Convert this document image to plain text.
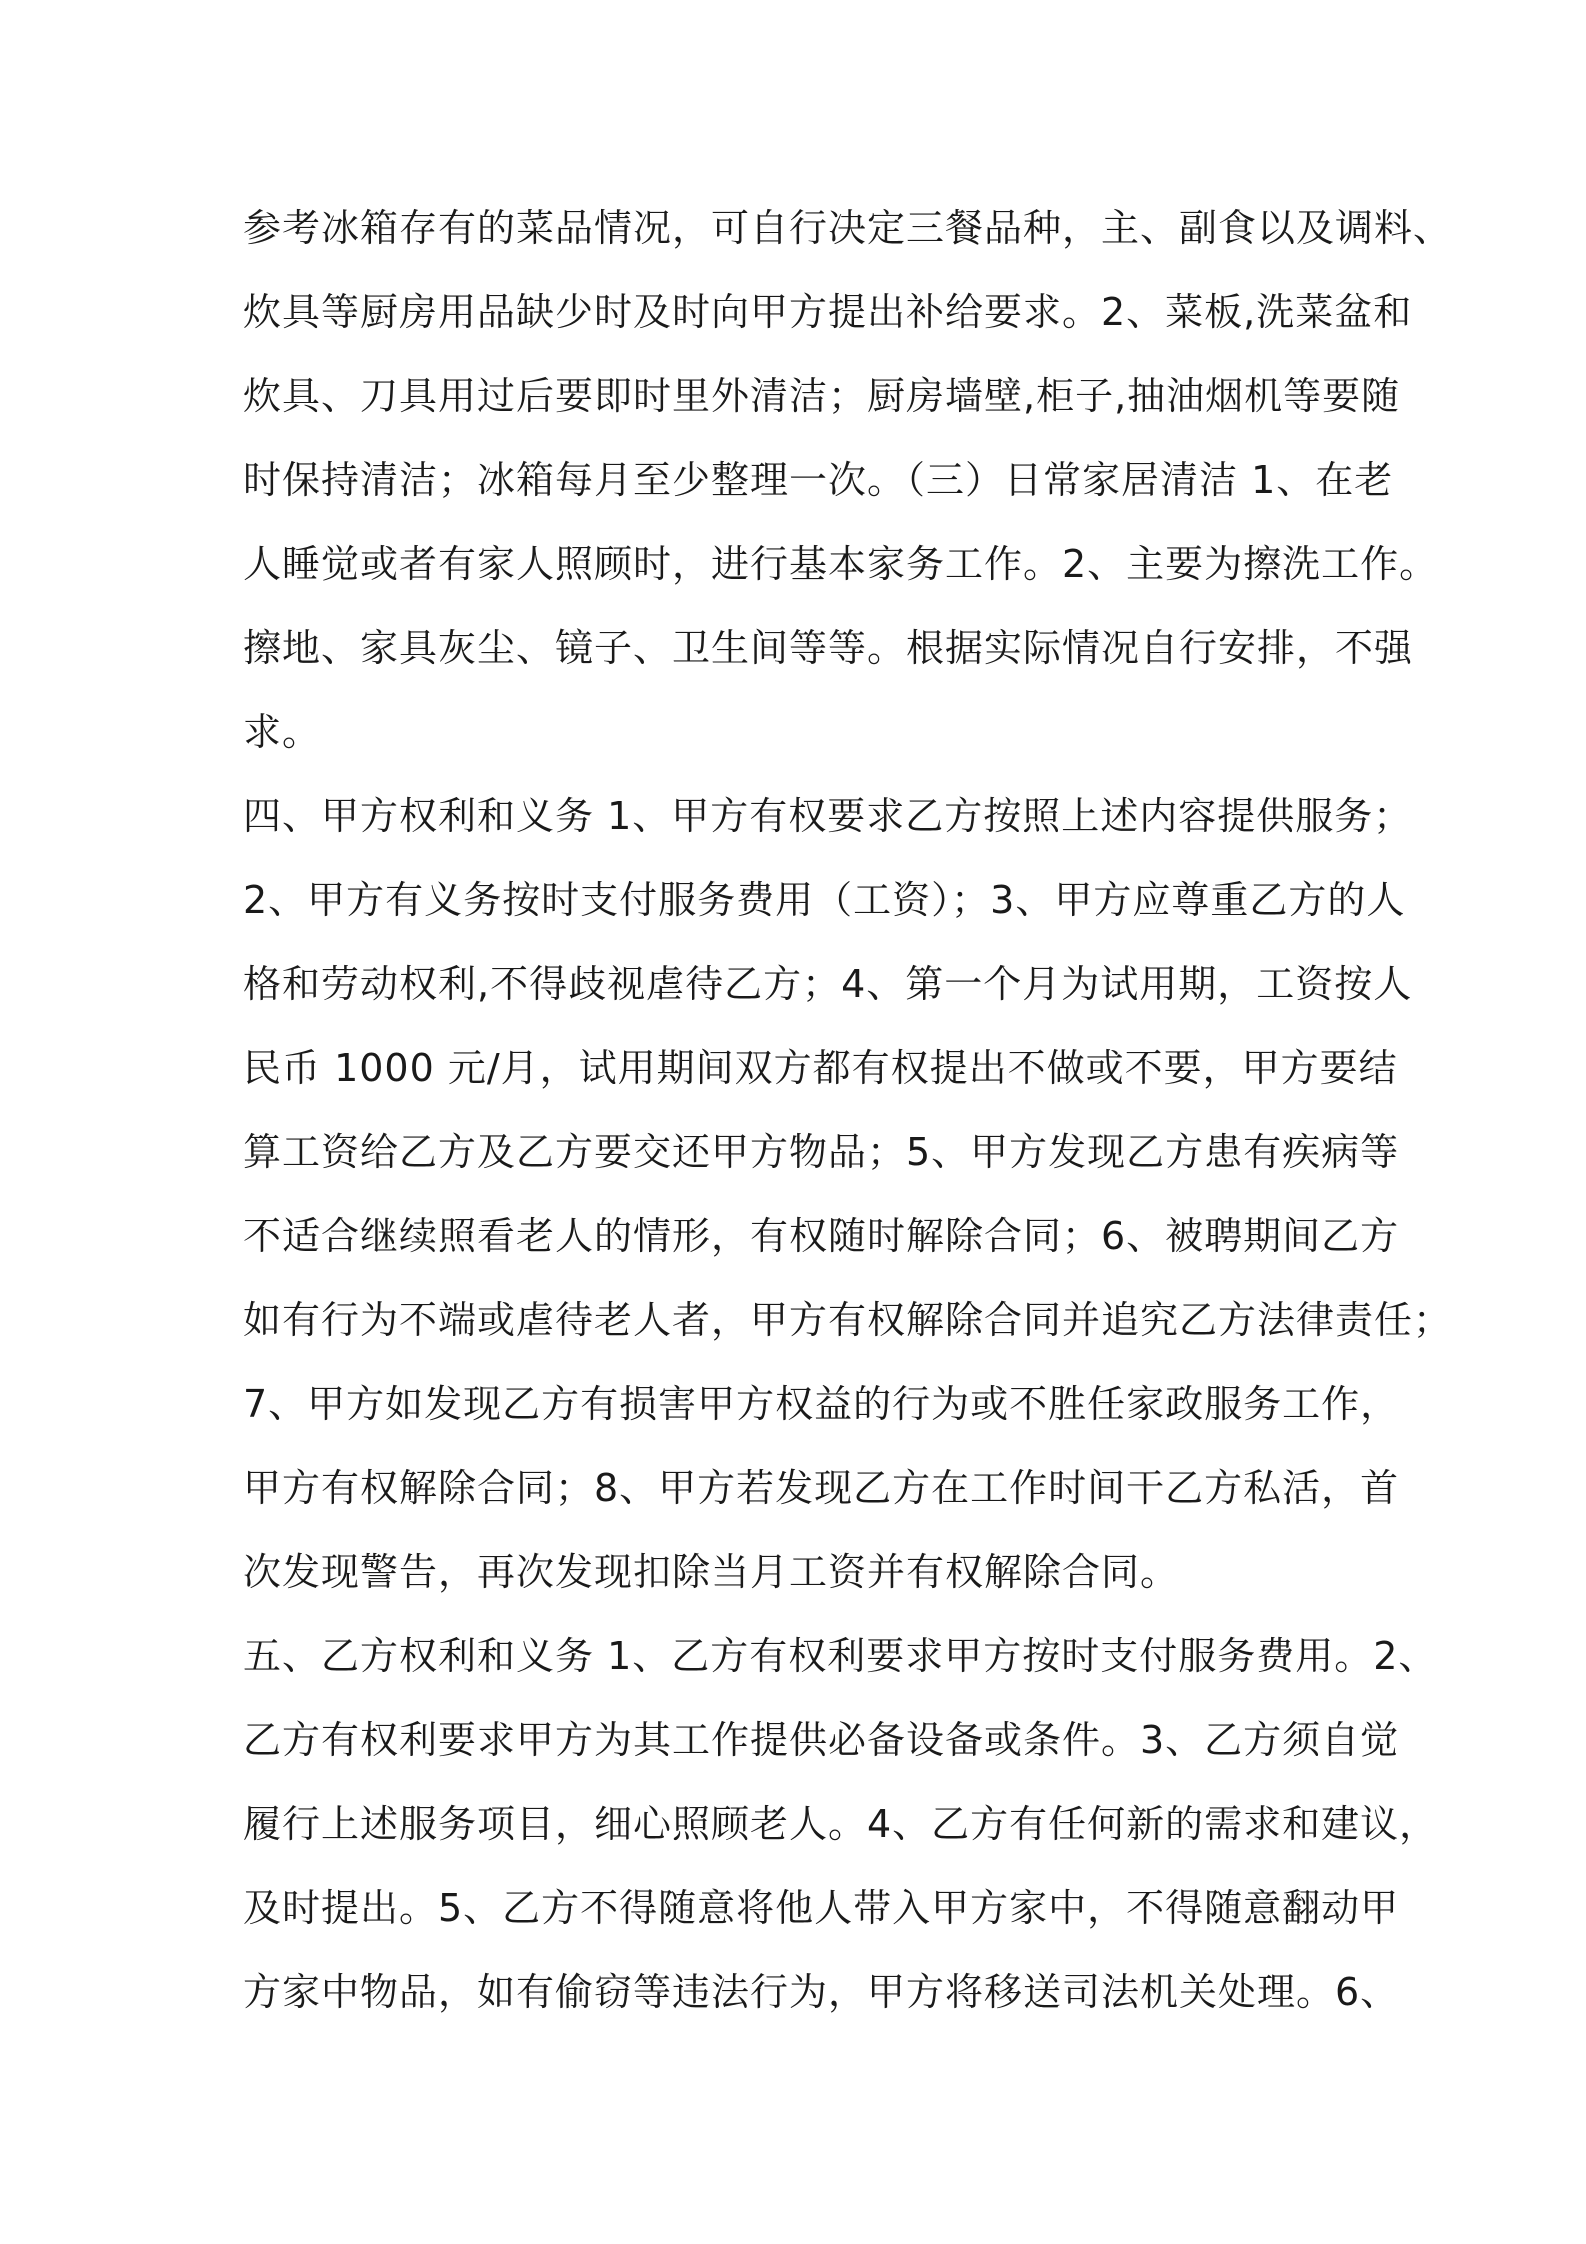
参考冰箱存有的菜品情况，可自行决定三餐品种，主、副食以及调料、
炊具等厨房用品缺少时及时向甲方提出补给要求。2、菜板,洗菜盆和
炊具、刀具用过后要即时里外清洁；厨房墙壁,柜子,抽油烟机等要随
时保持清洁；冰箱每月至少整理一次。（三）日常家居清洁 1、在老
人睡觉或者有家人照顾时，进行基本家务工作。2、主要为擦洗工作。
擦地、家具灰尘、镜子、卫生间等等。根据实际情况自行安排，不强
求。
四、甲方权利和义务 1、甲方有权要求乙方按照上述内容提供服务；
2、甲方有义务按时支付服务费用（工资）；3、甲方应尊重乙方的人
格和劳动权利,不得歧视虐待乙方；4、第一个月为试用期，工资按人
民币 1000 元/月，试用期间双方都有权提出不做或不要，甲方要结
算工资给乙方及乙方要交还甲方物品；5、甲方发现乙方患有疾病等
不适合继续照看老人的情形，有权随时解除合同；6、被聘期间乙方
如有行为不端或虐待老人者，甲方有权解除合同并追究乙方法律责任；
7、甲方如发现乙方有损害甲方权益的行为或不胜任家政服务工作，
甲方有权解除合同；8、甲方若发现乙方在工作时间干乙方私活，首
次发现警告，再次发现扣除当月工资并有权解除合同。
五、乙方权利和义务 1、乙方有权利要求甲方按时支付服务费用。2、
乙方有权利要求甲方为其工作提供必备设备或条件。3、乙方须自觉
履行上述服务项目，细心照顾老人。4、乙方有任何新的需求和建议，
及时提出。5、乙方不得随意将他人带入甲方家中，不得随意翻动甲
方家中物品，如有偷窃等违法行为，甲方将移送司法机关处理。6、
